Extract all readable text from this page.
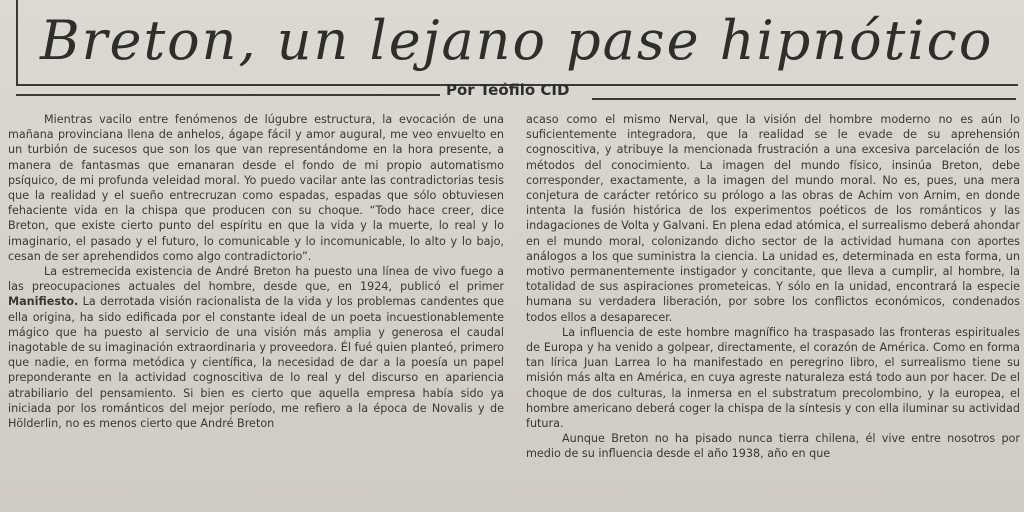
Breton, un lejano pase hipnótico
Por Teófilo CID

Mientras vacilo entre fenómenos de lúgubre estructura, la evocación de una mañana provinciana llena de anhelos, ágape fácil y amor augural, me veo envuelto en un turbión de sucesos que son los que van representándome en la hora presente, a manera de fantasmas que emanaran desde el fondo de mi propio automatismo psíquico, de mi profunda veleidad moral. Yo puedo vacilar ante las contradictorias tesis que la realidad y el sueño entrecruzan como espadas, espadas que sólo obtuviesen fehaciente vida en la chispa que producen con su choque. “Todo hace creer, dice Breton, que existe cierto punto del espíritu en que la vida y la muerte, lo real y lo imaginario, el pasado y el futuro, lo comunicable y lo incomunicable, lo alto y lo bajo, cesan de ser aprehendidos como algo contradictorio”.

La estremecida existencia de André Breton ha puesto una línea de vivo fuego a las preocupaciones actuales del hombre, desde que, en 1924, publicó el primer Manifiesto. La derrotada visión racionalista de la vida y los problemas candentes que ella origina, ha sido edificada por el constante ideal de un poeta incuestionablemente mágico que ha puesto al servicio de una visión más amplia y generosa el caudal inagotable de su imaginación extraordinaria y proveedora. Él fué quien planteó, primero que nadie, en forma metódica y científica, la necesidad de dar a la poesía un papel preponderante en la actividad cognoscitiva de lo real y del discurso en apariencia atrabiliario del pensamiento. Si bien es cierto que aquella empresa había sido ya iniciada por los románticos del mejor período, me refiero a la época de Novalis y de Hölderlin, no es menos cierto que André Breton

acaso como el mismo Nerval, que la visión del hombre moderno no es aún lo suficientemente integradora, que la realidad se le evade de su aprehensión cognoscitiva, y atribuye la mencionada frustración a una excesiva parcelación de los métodos del conocimiento. La imagen del mundo físico, insinúa Breton, debe corresponder, exactamente, a la imagen del mundo moral. No es, pues, una mera conjetura de carácter retórico su prólogo a las obras de Achim von Arnim, en donde intenta la fusión histórica de los experimentos poéticos de los románticos y las indagaciones de Volta y Galvani. En plena edad atómica, el surrealismo deberá ahondar en el mundo moral, colonizando dicho sector de la actividad humana con aportes análogos a los que suministra la ciencia. La unidad es, determinada en esta forma, un motivo permanentemente instigador y concitante, que lleva a cumplir, al hombre, la totalidad de sus aspiraciones prometeicas. Y sólo en la unidad, encontrará la especie humana su verdadera liberación, por sobre los conflictos económicos, condenados todos ellos a desaparecer.

La influencia de este hombre magnífico ha traspasado las fronteras espirituales de Europa y ha venido a golpear, directamente, el corazón de América. Como en forma tan lírica Juan Larrea lo ha manifestado en peregrino libro, el surrealismo tiene su misión más alta en América, en cuya agreste naturaleza está todo aun por hacer. De el choque de dos culturas, la inmersa en el substratum precolombino, y la europea, el hombre americano deberá coger la chispa de la síntesis y con ella iluminar su actividad futura.

Aunque Breton no ha pisado nunca tierra chilena, él vive entre nosotros por medio de su influencia desde el año 1938, año en que
